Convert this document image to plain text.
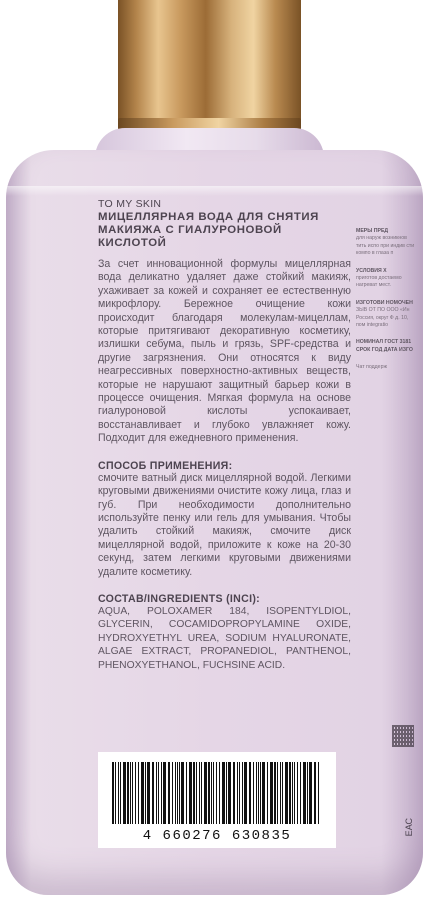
TO MY SKIN

МИЦЕЛЛЯРНАЯ ВОДА ДЛЯ СНЯТИЯ
МАКИЯЖА С ГИАЛУРОНОВОЙ КИСЛОТОЙ

За счет инновационной формулы мицеллярная вода деликатно удаляет даже стойкий макияж, ухаживает за кожей и сохраняет ее естественную микрофлору. Бережное очищение кожи происходит благодаря молекулам-мицеллам, которые притягивают декоративную косметику, излишки себума, пыль и грязь, SPF-средства и другие загрязнения. Они относятся к виду неагрессивных поверхностно-активных веществ, которые не нарушают защитный барьер кожи в процессе очищения. Мягкая формула на основе гиалуроновой кислоты успокаивает, восстанавливает и глубоко увлажняет кожу. Подходит для ежедневного применения.

СПОСОБ ПРИМЕНЕНИЯ:

смочите ватный диск мицеллярной водой. Легкими круговыми движениями очистите кожу лица, глаз и губ. При необходимости дополнительно используйте пенку или гель для умывания. Чтобы удалить стойкий макияж, смочите диск мицеллярной водой, приложите к коже на 20-30 секунд, затем легкими круговыми движениями удалите косметику.

СОСТАВ/INGREDIENTS (INCI):

AQUA, POLOXAMER 184, ISOPENTYLDIOL, GLYCERIN, COCAMIDOPROPYLAMINE OXIDE, HYDROXYETHYL UREA, SODIUM HYALURONATE, ALGAE EXTRACT, PROPANEDIOL, PANTHENOL, PHENOXYETHANOL, FUCHSINE ACID.

МЕРЫ ПРЕД
для наруж возникнов тить испо при индив сти компо в глаза п

УСЛОВИЯ Х
приготов достаемо нагреват мест.

ИЗГОТОВИ НОМОЧЕН
ЗЫВ ОТ ПО ООО «Ин Россия, округ Ф д. 10, пом integratio

НОМИНАЛ ГОСТ 3181 СРОК ГОД ДАТА ИЗГО

Чат поддерж

ЕАС
4 660276 630835
